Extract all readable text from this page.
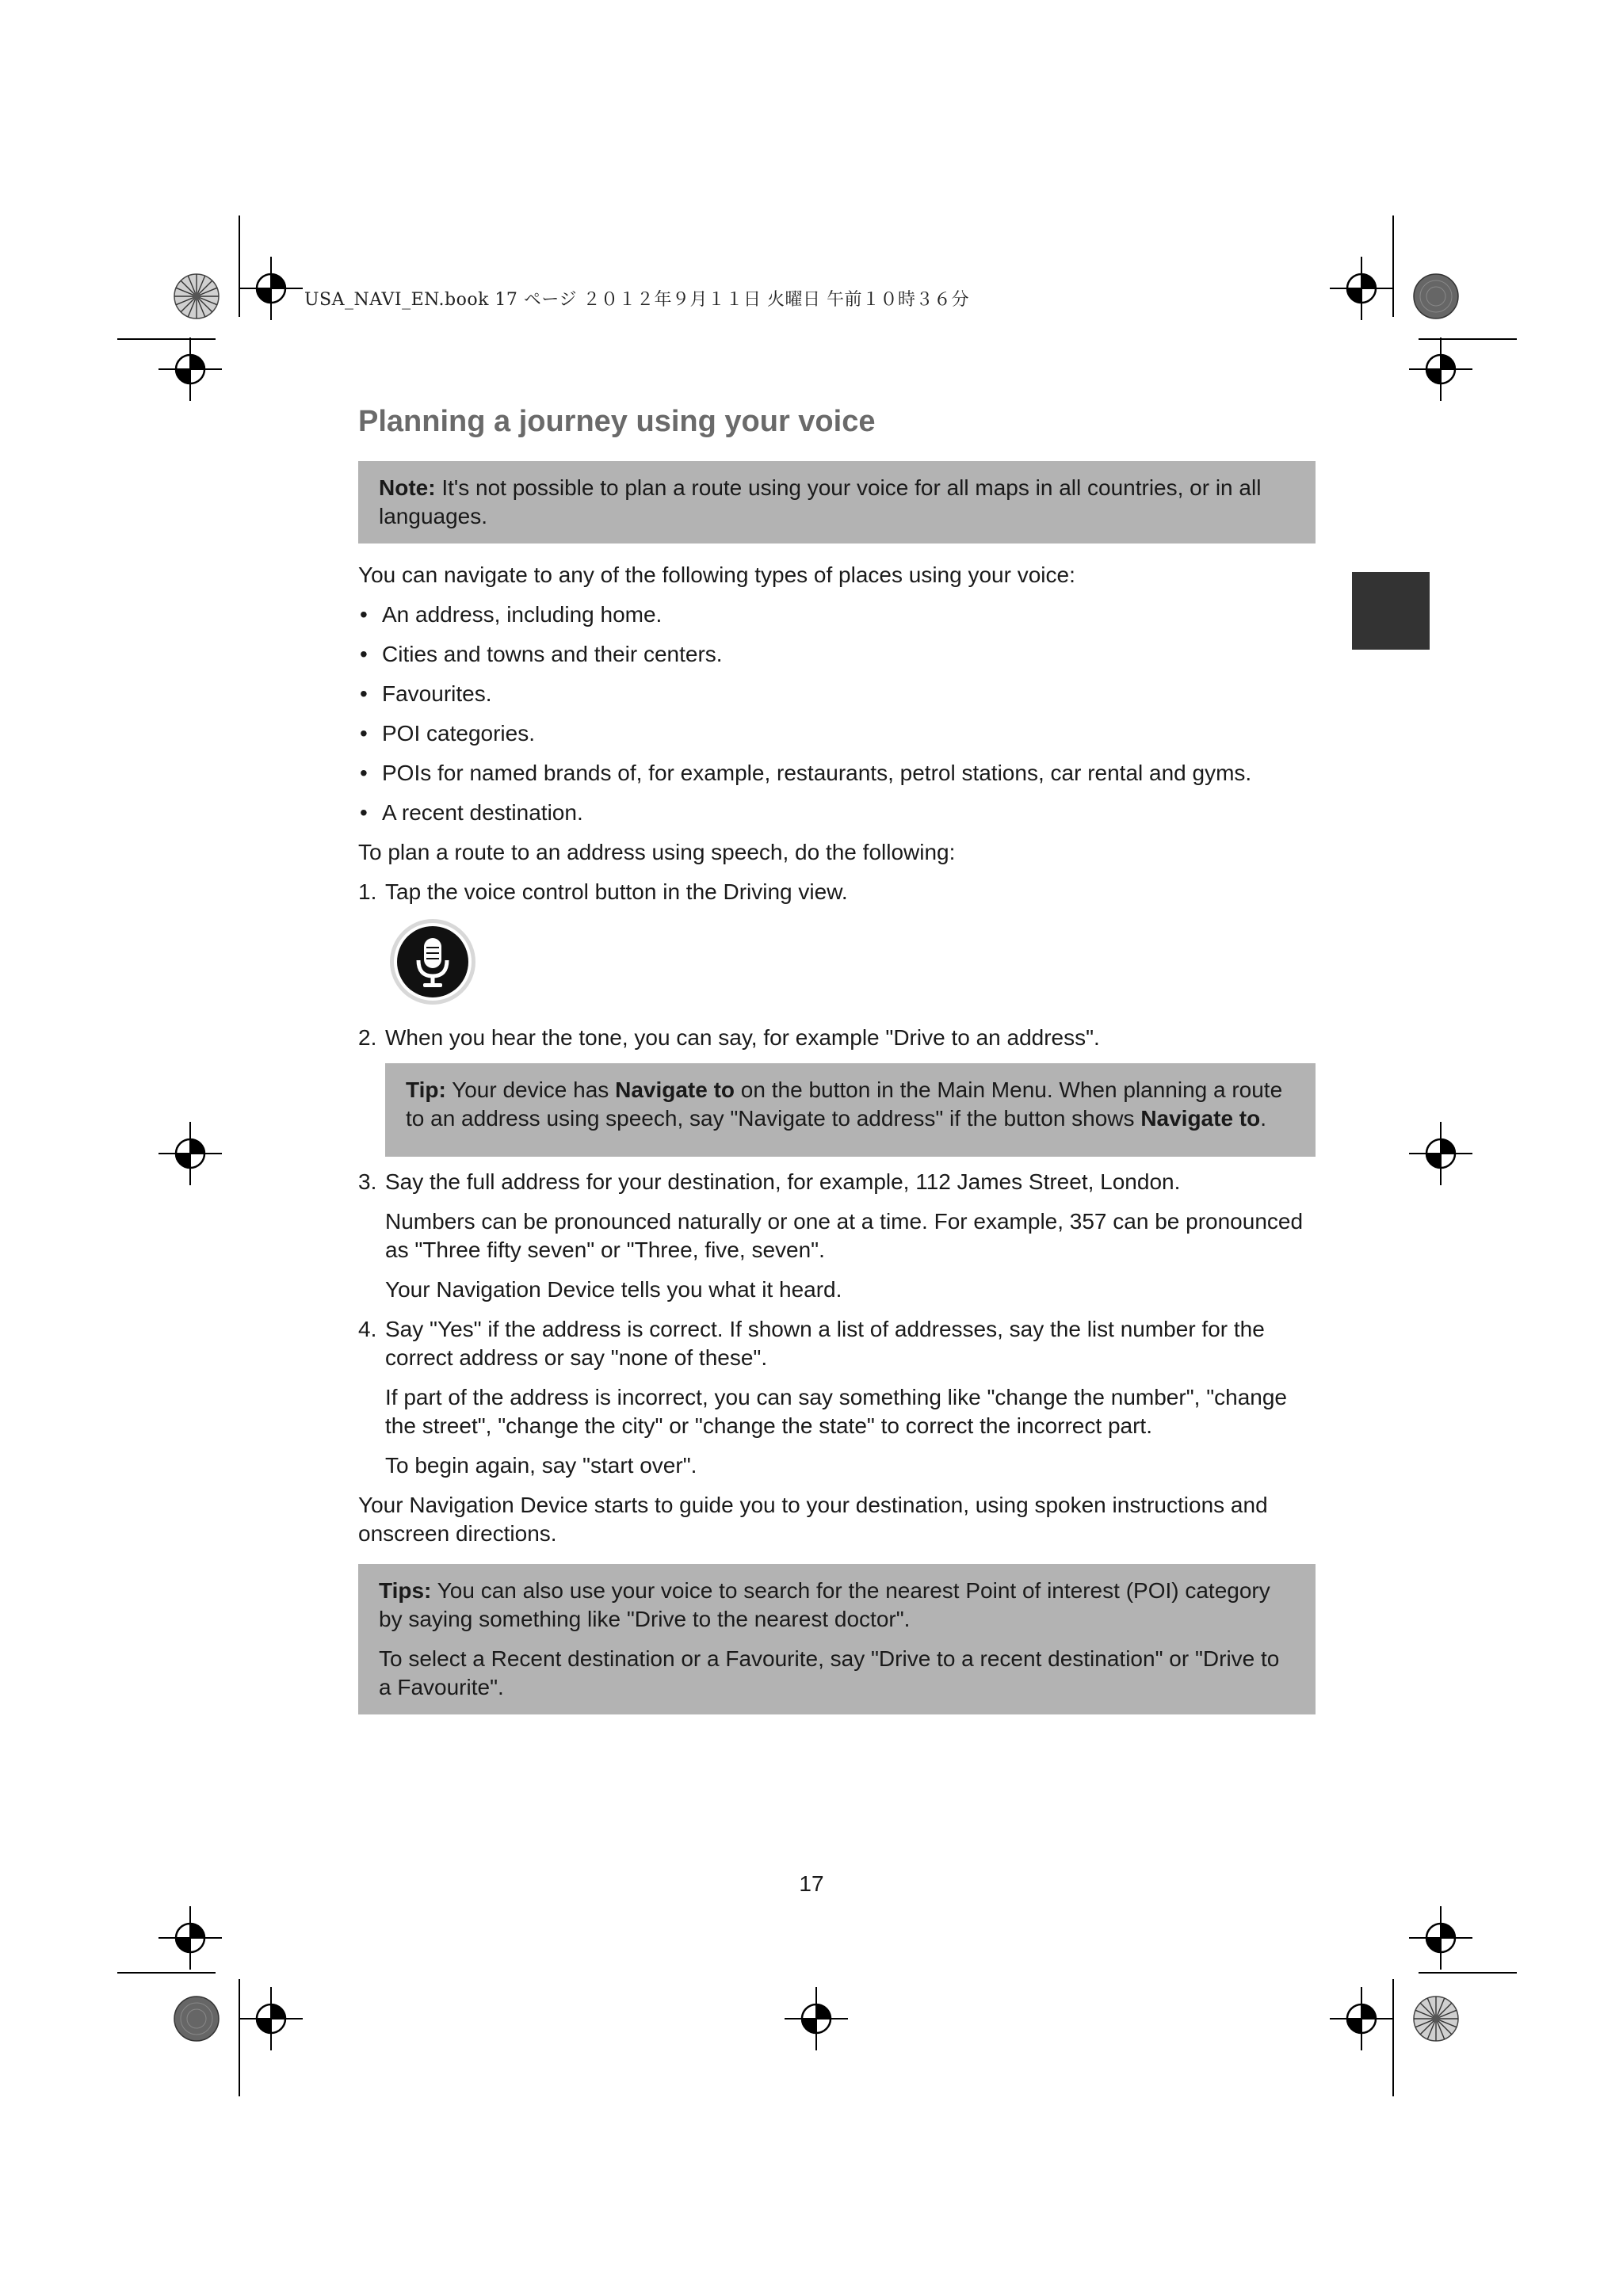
USA_NAVI_EN.book 17 ページ ２０１２年９月１１日 火曜日 午前１０時３６分
Planning a journey using your voice

Note: It's not possible to plan a route using your voice for all maps in all countries, or in all languages.

You can navigate to any of the following types of places using your voice:

• An address, including home.
• Cities and towns and their centers.
• Favourites.
• POI categories.
• POIs for named brands of, for example, restaurants, petrol stations, car rental and gyms.
• A recent destination.

To plan a route to an address using speech, do the following:

1. Tap the voice control button in the Driving view.

2. When you hear the tone, you can say, for example "Drive to an address".

Tip: Your device has Navigate to on the button in the Main Menu. When planning a route to an address using speech, say "Navigate to address" if the button shows Navigate to.

3. Say the full address for your destination, for example, 112 James Street, London.

Numbers can be pronounced naturally or one at a time. For example, 357 can be pronounced as "Three fifty seven" or "Three, five, seven".

Your Navigation Device tells you what it heard.

4. Say "Yes" if the address is correct. If shown a list of addresses, say the list number for the correct address or say "none of these".

If part of the address is incorrect, you can say something like "change the number", "change the street", "change the city" or "change the state" to correct the incorrect part.

To begin again, say "start over".

Your Navigation Device starts to guide you to your destination, using spoken instructions and onscreen directions.

Tips: You can also use your voice to search for the nearest Point of interest (POI) category by saying something like "Drive to the nearest doctor".

To select a Recent destination or a Favourite, say "Drive to a recent destination" or "Drive to a Favourite".

17
